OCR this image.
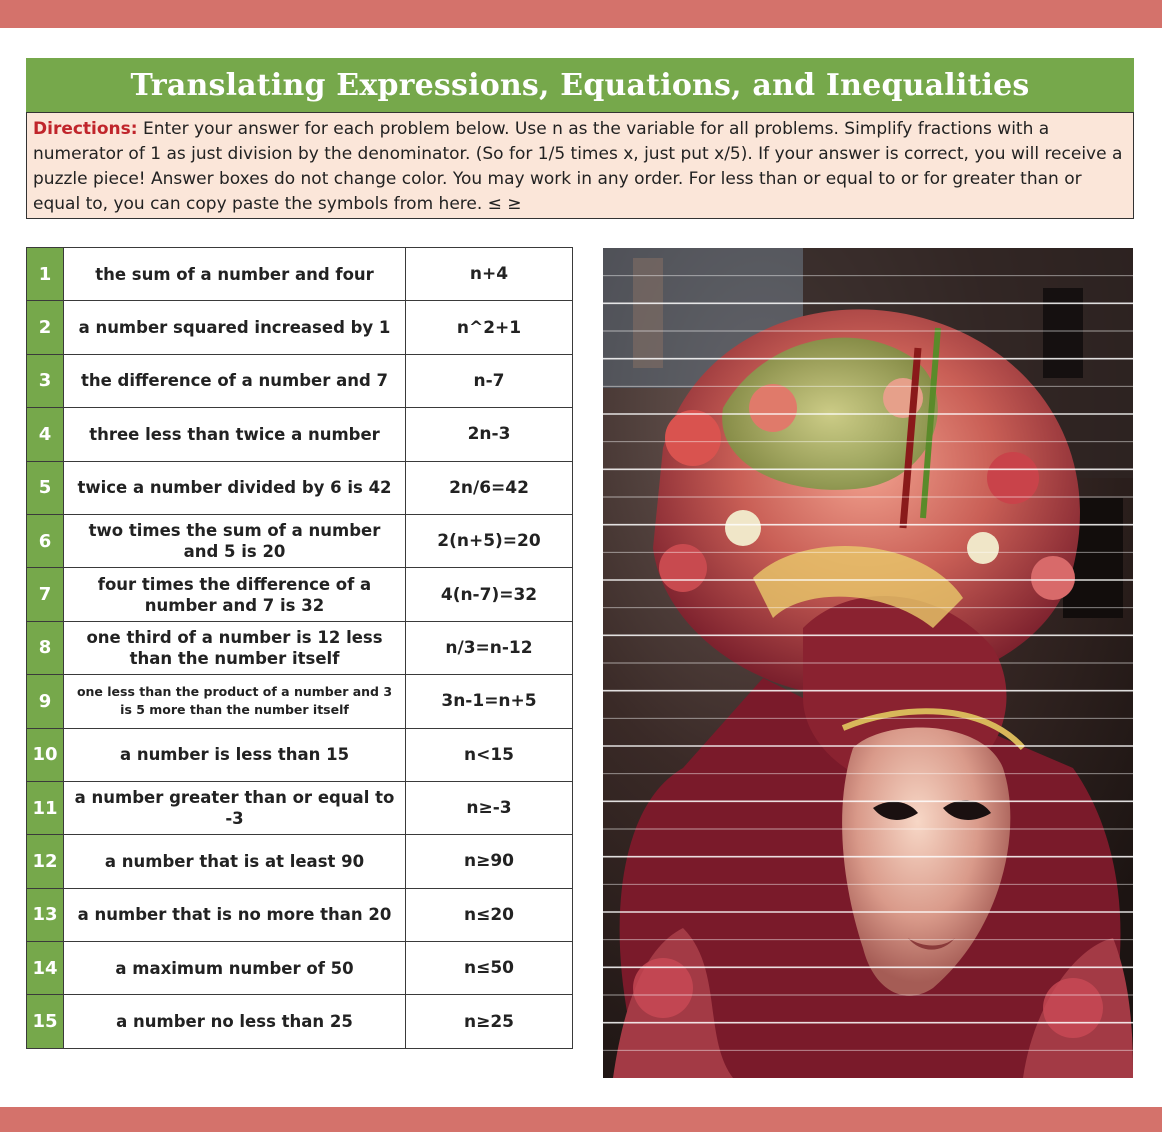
Translating Expressions, Equations, and Inequalities
Directions: Enter your answer for each problem below. Use n as the variable for all problems. Simplify fractions with a numerator of 1 as just division by the denominator. (So for 1/5 times x, just put x/5). If your answer is correct, you will receive a puzzle piece! Answer boxes do not change color. You may work in any order. For less than or equal to or for greater than or equal to, you can copy paste the symbols from here. ≤ ≥
1	the sum of a number and four	n+4
2	a number squared increased by 1	n^2+1
3	the difference of a number and 7	n-7
4	three less than twice a number	2n-3
5	twice a number divided by 6 is 42	2n/6=42
6	two times the sum of a number and 5 is 20	2(n+5)=20
7	four times the difference of a number and 7 is 32	4(n-7)=32
8	one third of a number is 12 less than the number itself	n/3=n-12
9	one less than the product of a number and 3 is 5 more than the number itself	3n-1=n+5
10	a number is less than 15	n<15
11	a number greater than or equal to -3	n≥-3
12	a number that is at least 90	n≥90
13	a number that is no more than 20	n≤20
14	a maximum number of 50	n≤50
15	a number no less than 25	n≥25
